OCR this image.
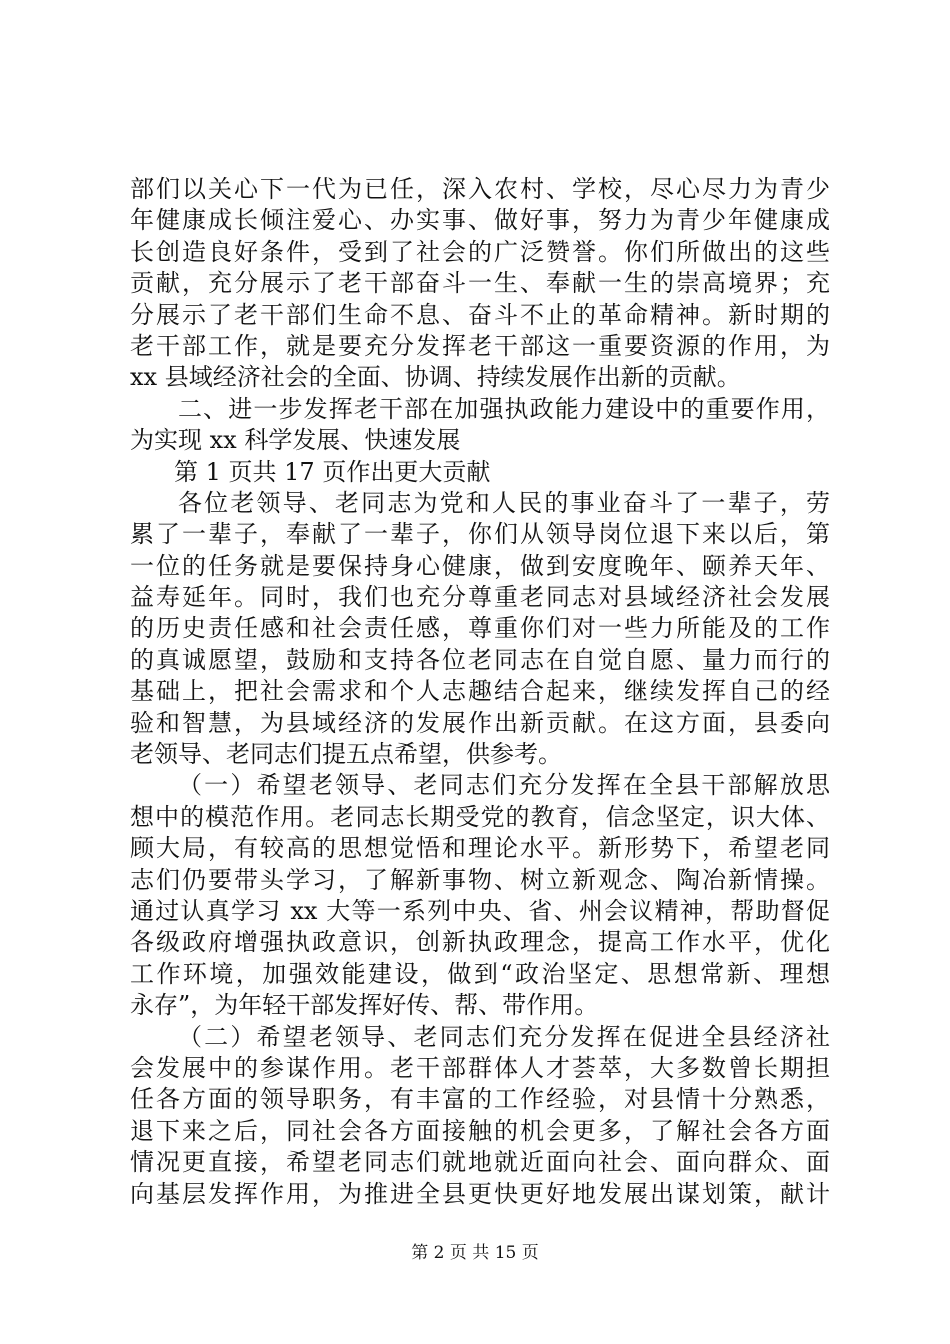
部们以关心下一代为已任，深入农村、学校，尽心尽力为青少
年健康成长倾注爱心、办实事、做好事，努力为青少年健康成
长创造良好条件，受到了社会的广泛赞誉。你们所做出的这些
贡献，充分展示了老干部奋斗一生、奉献一生的崇高境界；充
分展示了老干部们生命不息、奋斗不止的革命精神。新时期的
老干部工作，就是要充分发挥老干部这一重要资源的作用，为
xx 县域经济社会的全面、协调、持续发展作出新的贡献。
二、进一步发挥老干部在加强执政能力建设中的重要作用，
为实现 xx 科学发展、快速发展
第 1 页共 17 页作出更大贡献
各位老领导、老同志为党和人民的事业奋斗了一辈子，劳
累了一辈子，奉献了一辈子，你们从领导岗位退下来以后，第
一位的任务就是要保持身心健康，做到安度晚年、颐养天年、
益寿延年。同时，我们也充分尊重老同志对县域经济社会发展
的历史责任感和社会责任感，尊重你们对一些力所能及的工作
的真诚愿望，鼓励和支持各位老同志在自觉自愿、量力而行的
基础上，把社会需求和个人志趣结合起来，继续发挥自己的经
验和智慧，为县域经济的发展作出新贡献。在这方面，县委向
老领导、老同志们提五点希望，供参考。
（一）希望老领导、老同志们充分发挥在全县干部解放思
想中的模范作用。老同志长期受党的教育，信念坚定，识大体、
顾大局，有较高的思想觉悟和理论水平。新形势下，希望老同
志们仍要带头学习，了解新事物、树立新观念、陶冶新情操。
通过认真学习 xx 大等一系列中央、省、州会议精神，帮助督促
各级政府增强执政意识，创新执政理念，提高工作水平，优化
工作环境，加强效能建设，做到“政治坚定、思想常新、理想
永存”，为年轻干部发挥好传、帮、带作用。
（二）希望老领导、老同志们充分发挥在促进全县经济社
会发展中的参谋作用。老干部群体人才荟萃，大多数曾长期担
任各方面的领导职务，有丰富的工作经验，对县情十分熟悉，
退下来之后，同社会各方面接触的机会更多，了解社会各方面
情况更直接，希望老同志们就地就近面向社会、面向群众、面
向基层发挥作用，为推进全县更快更好地发展出谋划策，献计
第 2 页 共 15 页
